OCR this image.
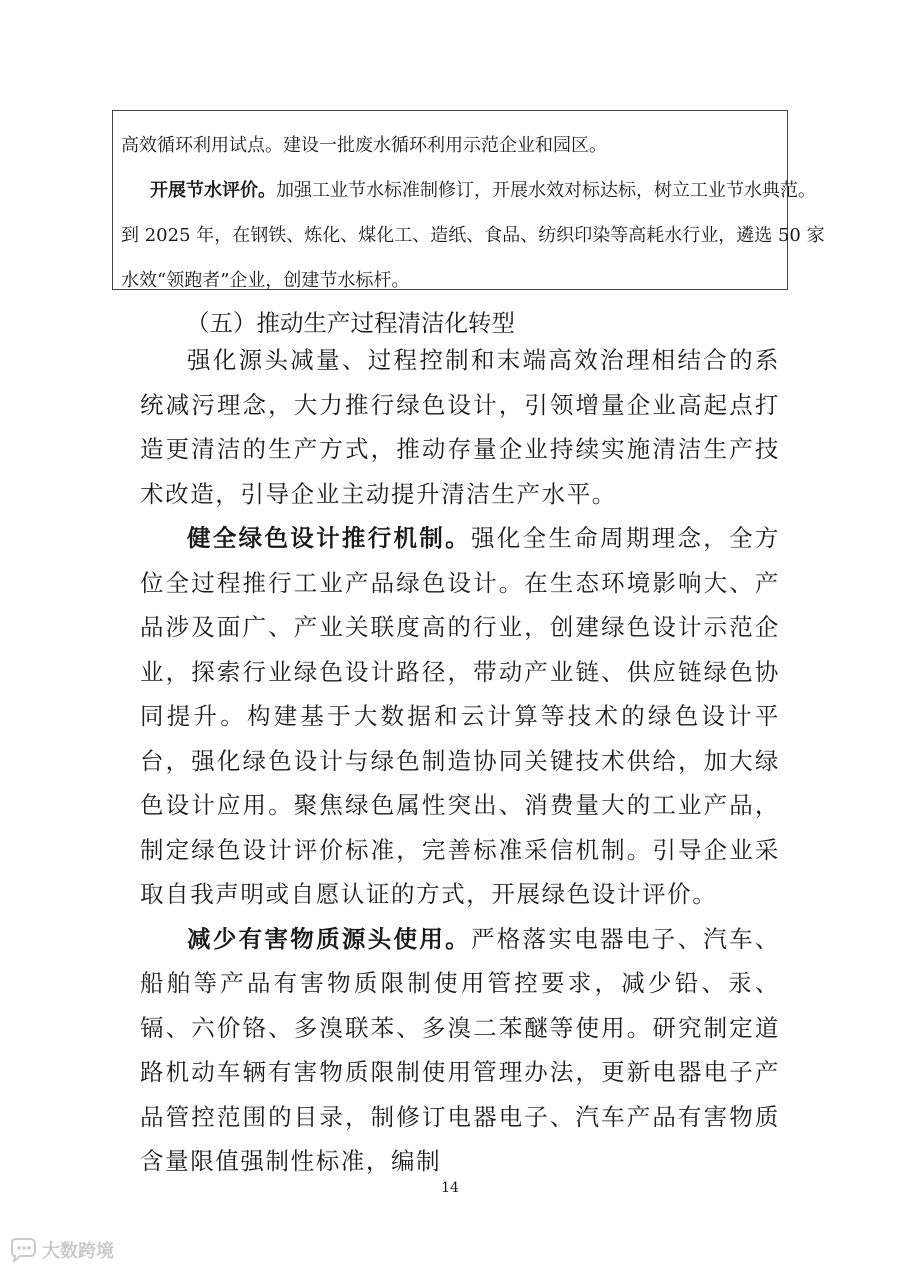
高效循环利用试点。建设一批废水循环利用示范企业和园区。

开展节水评价。加强工业节水标准制修订，开展水效对标达标，树立工业节水典范。

到 2025 年，在钢铁、炼化、煤化工、造纸、食品、纺织印染等高耗水行业，遴选 50 家

水效“领跑者”企业，创建节水标杆。

（五）推动生产过程清洁化转型

强化源头减量、过程控制和末端高效治理相结合的系统减污理念，大力推行绿色设计，引领增量企业高起点打造更清洁的生产方式，推动存量企业持续实施清洁生产技术改造，引导企业主动提升清洁生产水平。

健全绿色设计推行机制。强化全生命周期理念，全方位全过程推行工业产品绿色设计。在生态环境影响大、产品涉及面广、产业关联度高的行业，创建绿色设计示范企业，探索行业绿色设计路径，带动产业链、供应链绿色协同提升。构建基于大数据和云计算等技术的绿色设计平台，强化绿色设计与绿色制造协同关键技术供给，加大绿色设计应用。聚焦绿色属性突出、消费量大的工业产品，制定绿色设计评价标准，完善标准采信机制。引导企业采取自我声明或自愿认证的方式，开展绿色设计评价。

减少有害物质源头使用。严格落实电器电子、汽车、船舶等产品有害物质限制使用管控要求，减少铅、汞、镉、六价铬、多溴联苯、多溴二苯醚等使用。研究制定道路机动车辆有害物质限制使用管理办法，更新电器电子产品管控范围的目录，制修订电器电子、汽车产品有害物质含量限值强制性标准，编制

14

大数跨境
